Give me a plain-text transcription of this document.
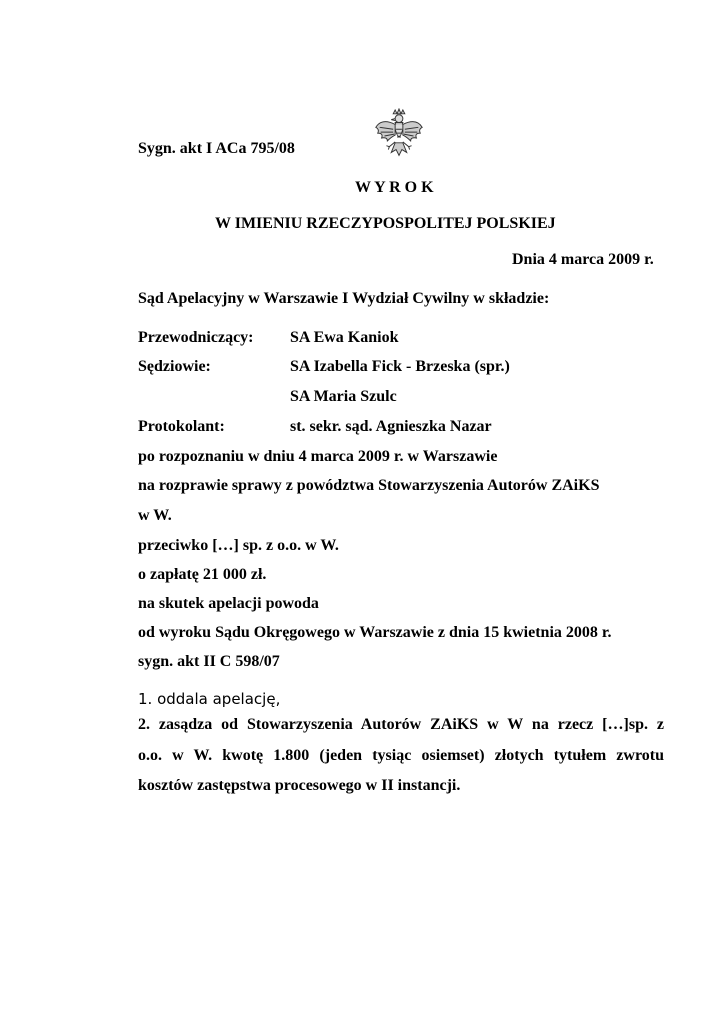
Sygn. akt I ACa 795/08
W Y R O K
W IMIENIU RZECZYPOSPOLITEJ POLSKIEJ
Dnia 4 marca 2009 r.
Sąd Apelacyjny w Warszawie I Wydział Cywilny w składzie:
Przewodniczący: SA Ewa Kaniok
Sędziowie:	SA Izabella Fick - Brzeska (spr.)
SA Maria Szulc
Protokolant:	st. sekr. sąd. Agnieszka Nazar
po rozpoznaniu w dniu 4 marca 2009 r. w Warszawie
na rozprawie sprawy z powództwa Stowarzyszenia Autorów ZAiKS
w W.
przeciwko […] sp. z o.o. w W.
o zapłatę 21 000 zł.
na skutek apelacji powoda
od wyroku Sądu Okręgowego w Warszawie z dnia 15 kwietnia 2008 r.
sygn. akt II C 598/07
1. oddala apelację,
2. zasądza od Stowarzyszenia Autorów ZAiKS w W na rzecz […]sp. z
o.o. w W. kwotę 1.800 (jeden tysiąc osiemset) złotych tytułem zwrotu
kosztów zastępstwa procesowego w II instancji.
